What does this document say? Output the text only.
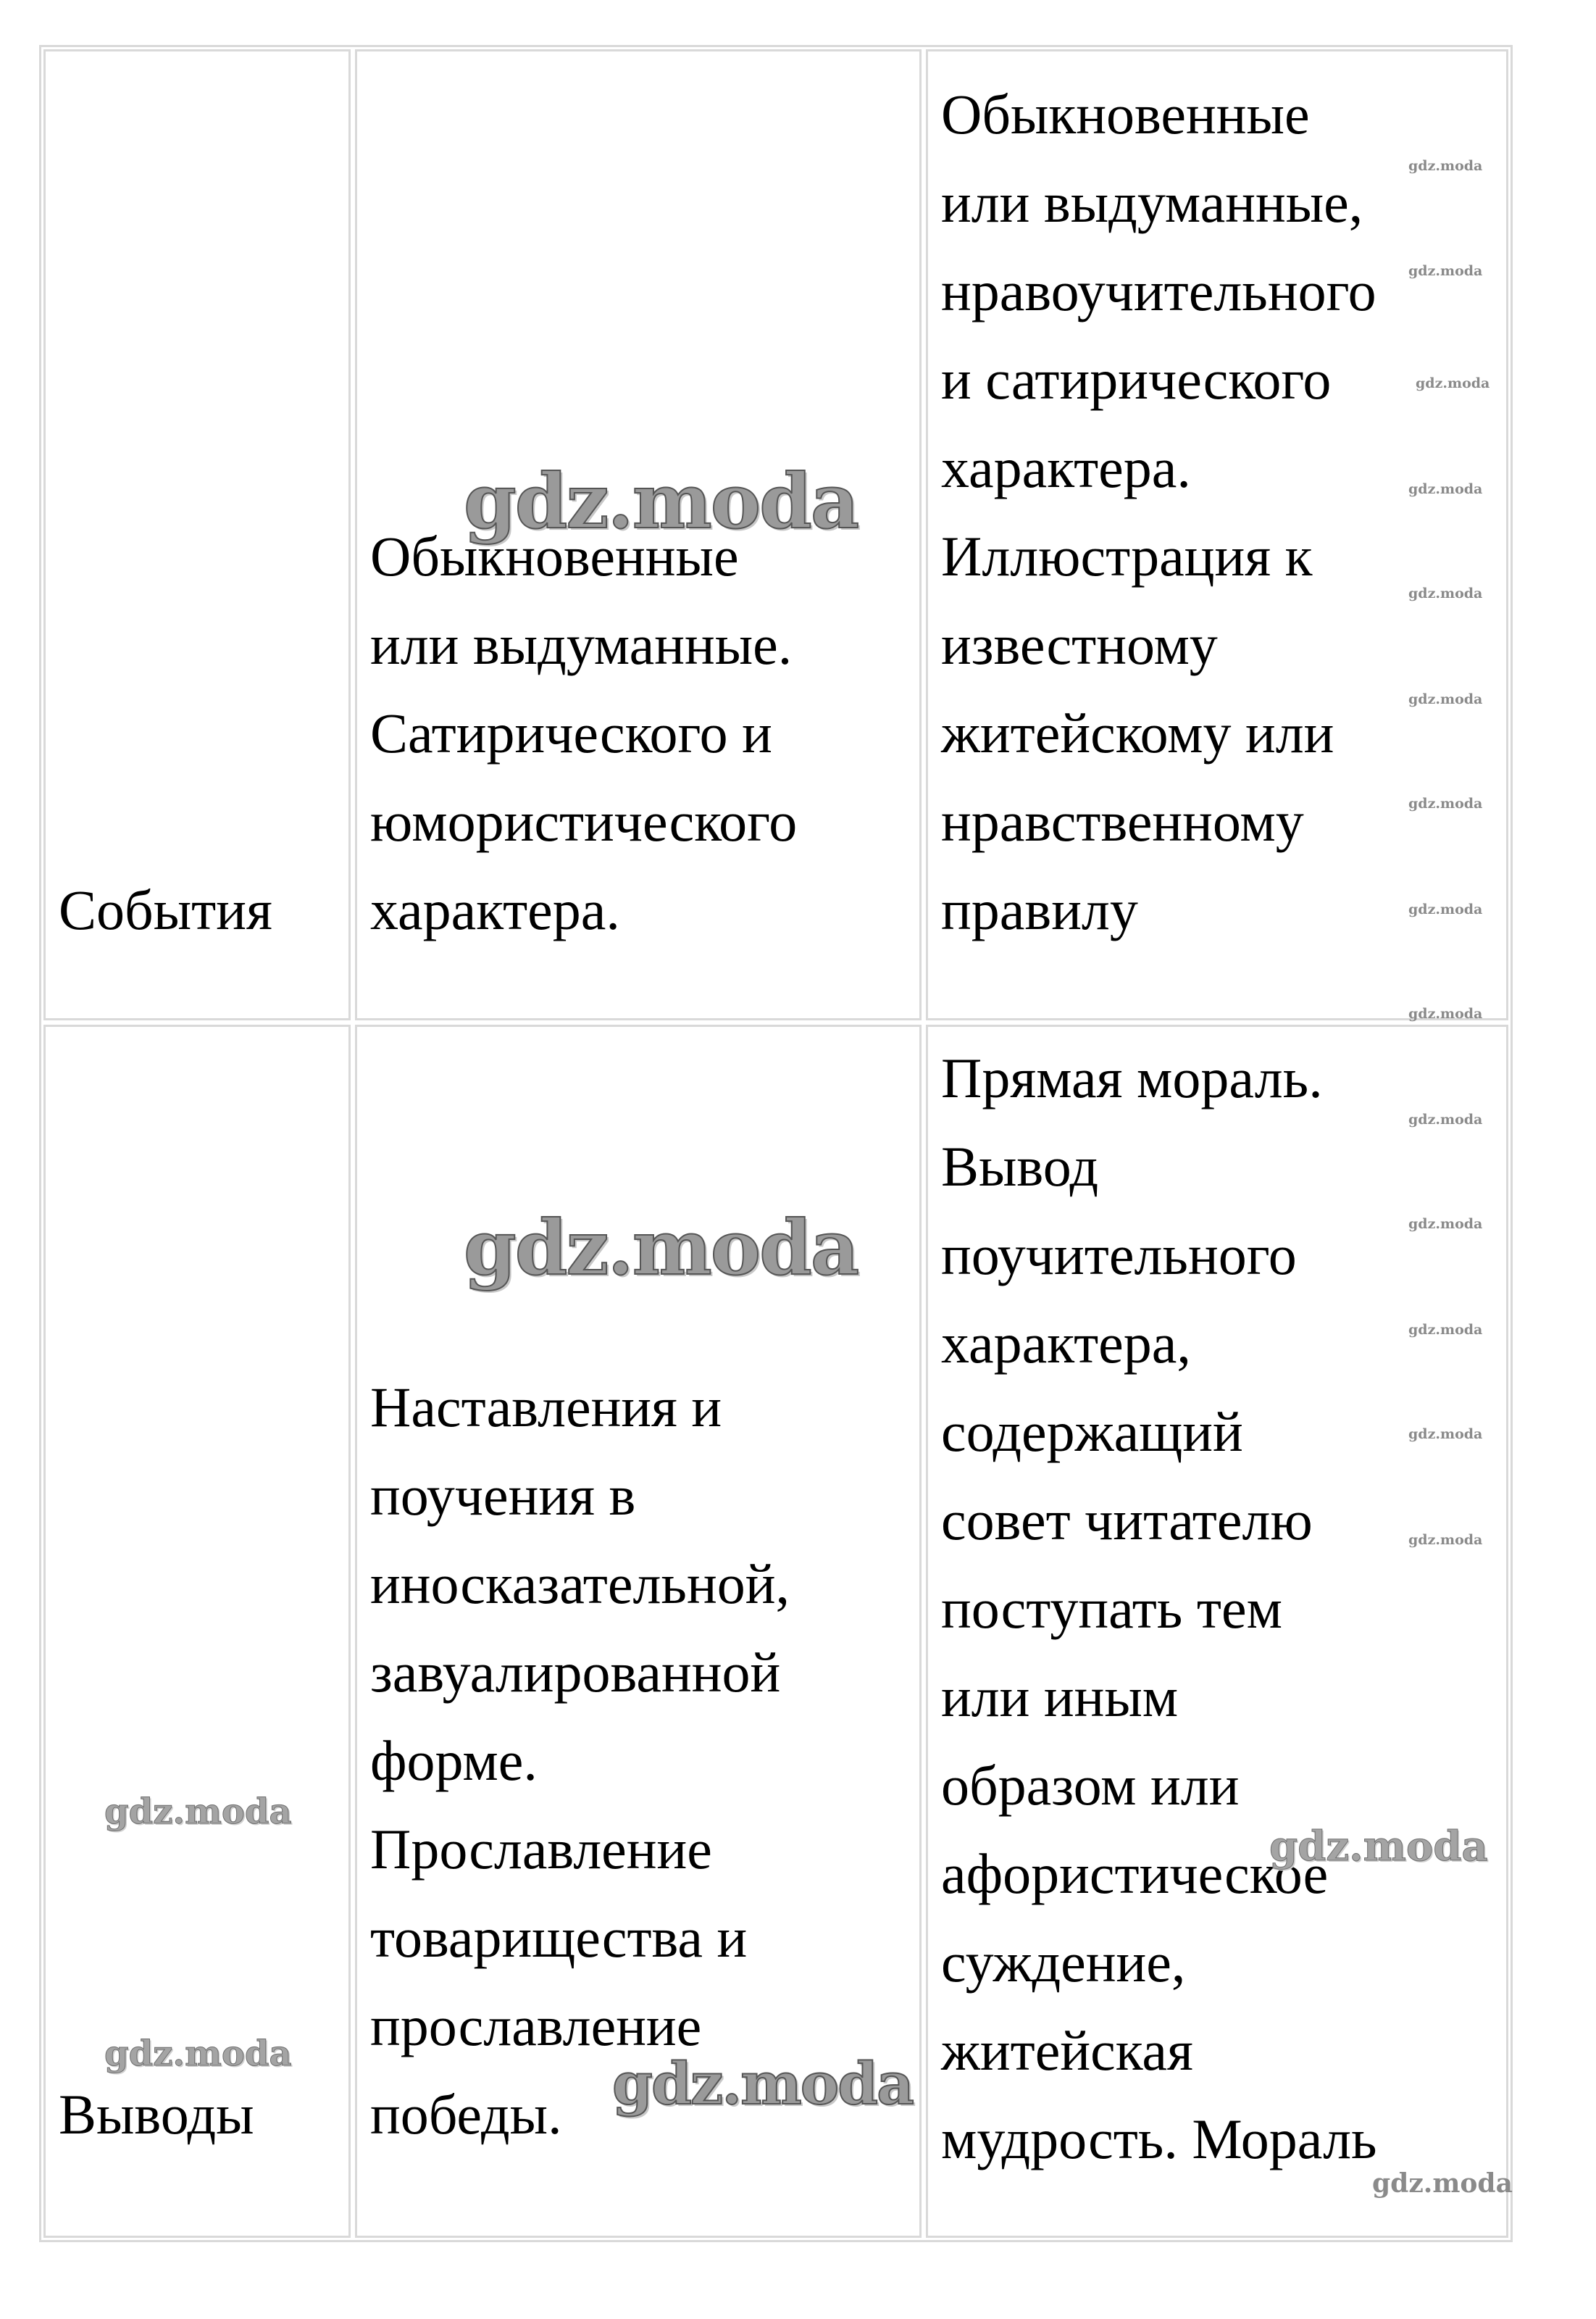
События
Обыкновенные
или выдуманные.
Сатирического и
юмористического
характера.
Обыкновенные
или выдуманные,
нравоучительного
и сатирического
характера.
Иллюстрация к
известному
житейскому или
нравственному
правилу
Выводы
Наставления и
поучения в
иносказательной,
завуалированной
форме.
Прославление
товарищества и
прославление
победы.
Прямая мораль.
Вывод
поучительного
характера,
содержащий
совет читателю
поступать тем
или иным
образом или
афористическое
суждение,
житейская
мудрость. Мораль
gdz.moda
gdz.moda
gdz.moda
gdz.moda
gdz.moda
gdz.moda
gdz.moda
gdz.moda
gdz.moda
gdz.moda
gdz.moda
gdz.moda
gdz.moda
gdz.moda
gdz.moda
gdz.moda
gdz.moda
gdz.moda
gdz.moda
gdz.moda
gdz.moda
